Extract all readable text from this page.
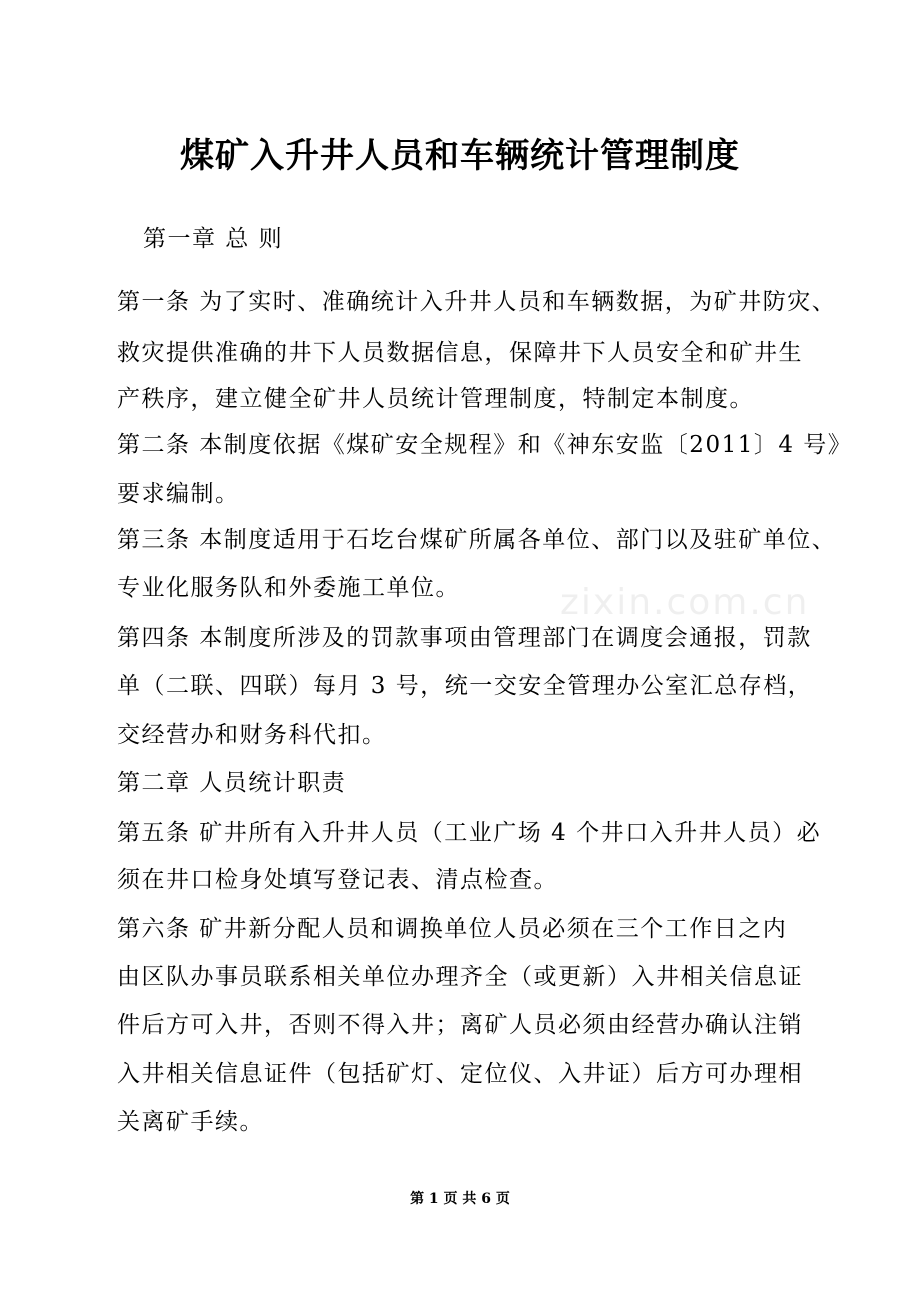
煤矿入升井人员和车辆统计管理制度
第一章 总 则
第一条 为了实时、准确统计入升井人员和车辆数据，为矿井防灾、
救灾提供准确的井下人员数据信息，保障井下人员安全和矿井生
产秩序，建立健全矿井人员统计管理制度，特制定本制度。
第二条 本制度依据《煤矿安全规程》和《神东安监〔2011〕4 号》
要求编制。
第三条 本制度适用于石圪台煤矿所属各单位、部门以及驻矿单位、
专业化服务队和外委施工单位。
第四条 本制度所涉及的罚款事项由管理部门在调度会通报，罚款
单（二联、四联）每月 3 号，统一交安全管理办公室汇总存档，
交经营办和财务科代扣。
第二章 人员统计职责
第五条 矿井所有入升井人员（工业广场 4 个井口入升井人员）必
须在井口检身处填写登记表、清点检查。
第六条 矿井新分配人员和调换单位人员必须在三个工作日之内
由区队办事员联系相关单位办理齐全（或更新）入井相关信息证
件后方可入井，否则不得入井；离矿人员必须由经营办确认注销
入井相关信息证件（包括矿灯、定位仪、入井证）后方可办理相
关离矿手续。
zixin.com.cn
第 1 页 共 6 页
